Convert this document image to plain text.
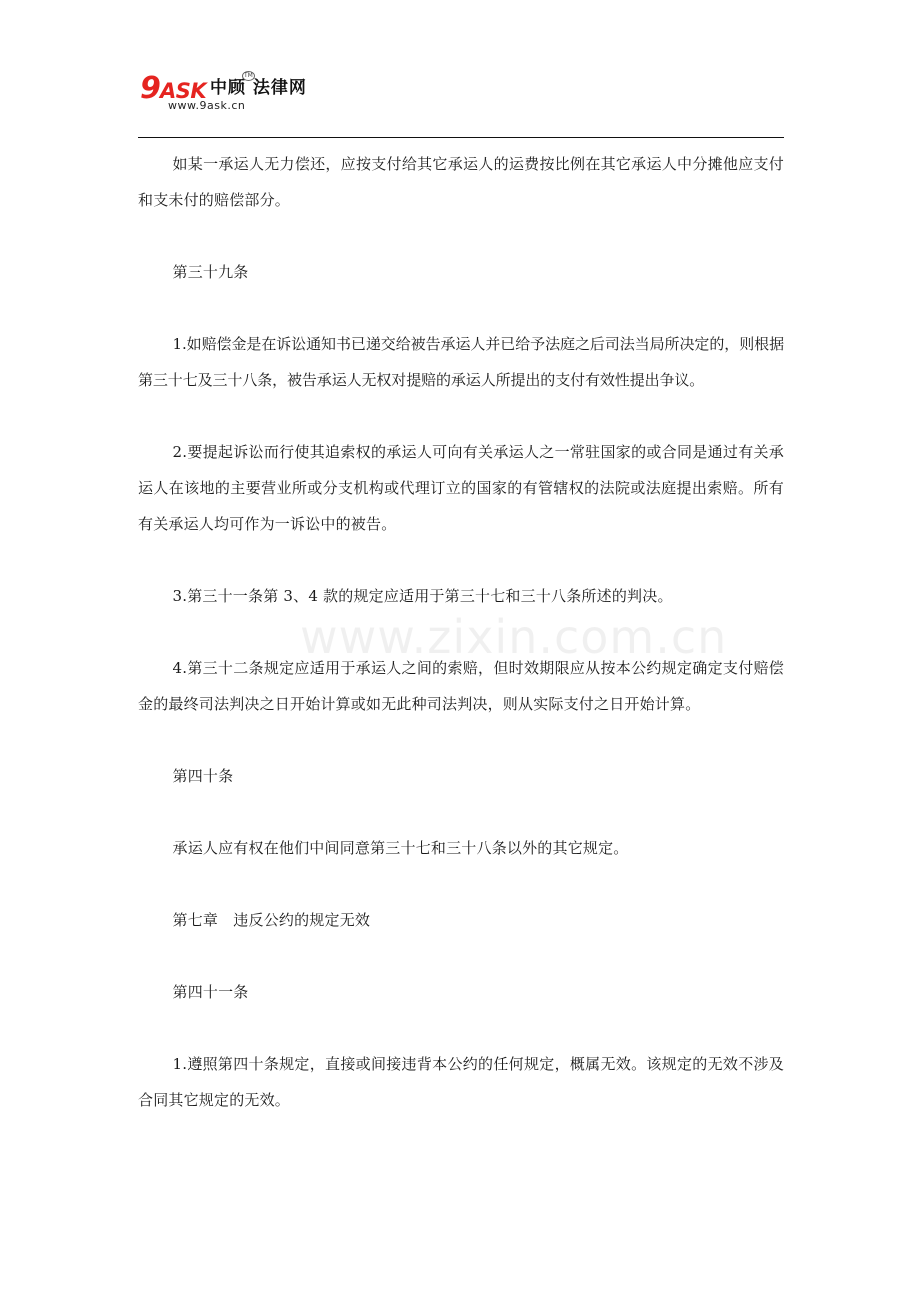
9 ASK 中顾 法律网
TM
www.9ask.cn

如某一承运人无力偿还，应按支付给其它承运人的运费按比例在其它承运人中分摊他应支付和支未付的赔偿部分。

第三十九条

1.如赔偿金是在诉讼通知书已递交给被告承运人并已给予法庭之后司法当局所决定的，则根据第三十七及三十八条，被告承运人无权对提赔的承运人所提出的支付有效性提出争议。

2.要提起诉讼而行使其追索权的承运人可向有关承运人之一常驻国家的或合同是通过有关承运人在该地的主要营业所或分支机构或代理订立的国家的有管辖权的法院或法庭提出索赔。所有有关承运人均可作为一诉讼中的被告。

3.第三十一条第 3、4 款的规定应适用于第三十七和三十八条所述的判决。

4.第三十二条规定应适用于承运人之间的索赔，但时效期限应从按本公约规定确定支付赔偿金的最终司法判决之日开始计算或如无此种司法判决，则从实际支付之日开始计算。

第四十条

承运人应有权在他们中间同意第三十七和三十八条以外的其它规定。

第七章　违反公约的规定无效

第四十一条

1.遵照第四十条规定，直接或间接违背本公约的任何规定，概属无效。该规定的无效不涉及合同其它规定的无效。

www.zixin.com.cn
